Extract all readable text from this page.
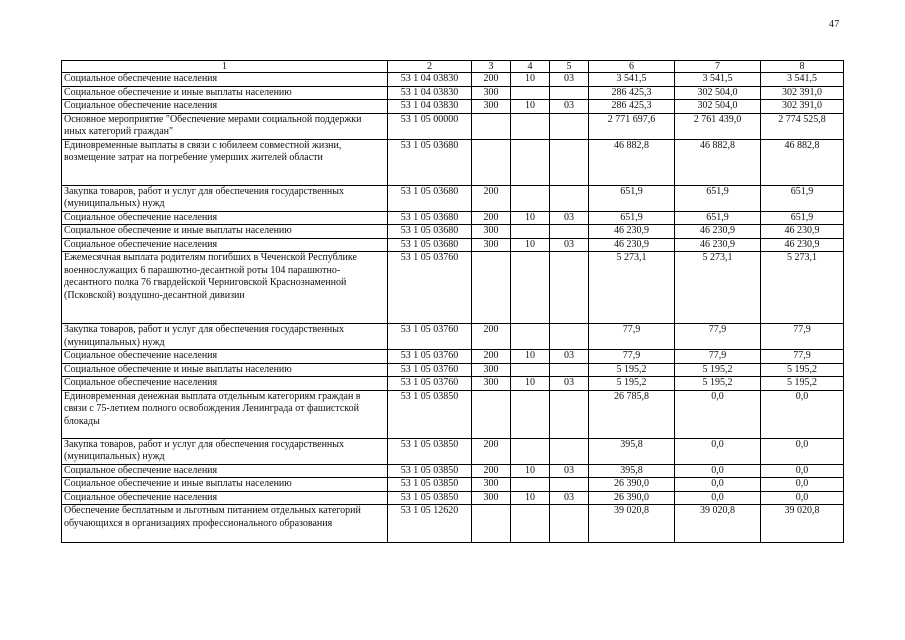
47
1	2	3	4	5	6	7	8
Социальное обеспечение населения	53 1 04 03830	200	10	03	3 541,5	3 541,5	3 541,5
Социальное обеспечение и иные выплаты населению	53 1 04 03830	300			286 425,3	302 504,0	302 391,0
Социальное обеспечение населения	53 1 04 03830	300	10	03	286 425,3	302 504,0	302 391,0
Основное мероприятие "Обеспечение мерами социальной поддержки иных категорий граждан"	53 1 05 00000				2 771 697,6	2 761 439,0	2 774 525,8
Единовременные выплаты в связи с юбилеем совместной жизни, возмещение затрат на погребение умерших жителей области	53 1 05 03680				46 882,8	46 882,8	46 882,8
Закупка товаров, работ и услуг для обеспечения государственных (муниципальных) нужд	53 1 05 03680	200			651,9	651,9	651,9
Социальное обеспечение населения	53 1 05 03680	200	10	03	651,9	651,9	651,9
Социальное обеспечение и иные выплаты населению	53 1 05 03680	300			46 230,9	46 230,9	46 230,9
Социальное обеспечение населения	53 1 05 03680	300	10	03	46 230,9	46 230,9	46 230,9
Ежемесячная выплата родителям погибших в Чеченской Республике военнослужащих 6 парашютно-десантной роты 104 парашютно-десантного полка 76 гвардейской Черниговской Краснознаменной (Псковской) воздушно-десантной дивизии	53 1 05 03760				5 273,1	5 273,1	5 273,1
Закупка товаров, работ и услуг для обеспечения государственных (муниципальных) нужд	53 1 05 03760	200			77,9	77,9	77,9
Социальное обеспечение населения	53 1 05 03760	200	10	03	77,9	77,9	77,9
Социальное обеспечение и иные выплаты населению	53 1 05 03760	300			5 195,2	5 195,2	5 195,2
Социальное обеспечение населения	53 1 05 03760	300	10	03	5 195,2	5 195,2	5 195,2
Единовременная денежная выплата отдельным категориям граждан в связи с 75-летием полного освобождения Ленинграда от фашистской блокады	53 1 05 03850				26 785,8	0,0	0,0
Закупка товаров, работ и услуг для обеспечения государственных (муниципальных) нужд	53 1 05 03850	200			395,8	0,0	0,0
Социальное обеспечение населения	53 1 05 03850	200	10	03	395,8	0,0	0,0
Социальное обеспечение и иные выплаты населению	53 1 05 03850	300			26 390,0	0,0	0,0
Социальное обеспечение населения	53 1 05 03850	300	10	03	26 390,0	0,0	0,0
Обеспечение бесплатным и льготным питанием отдельных категорий обучающихся в организациях профессионального образования	53 1 05 12620				39 020,8	39 020,8	39 020,8
